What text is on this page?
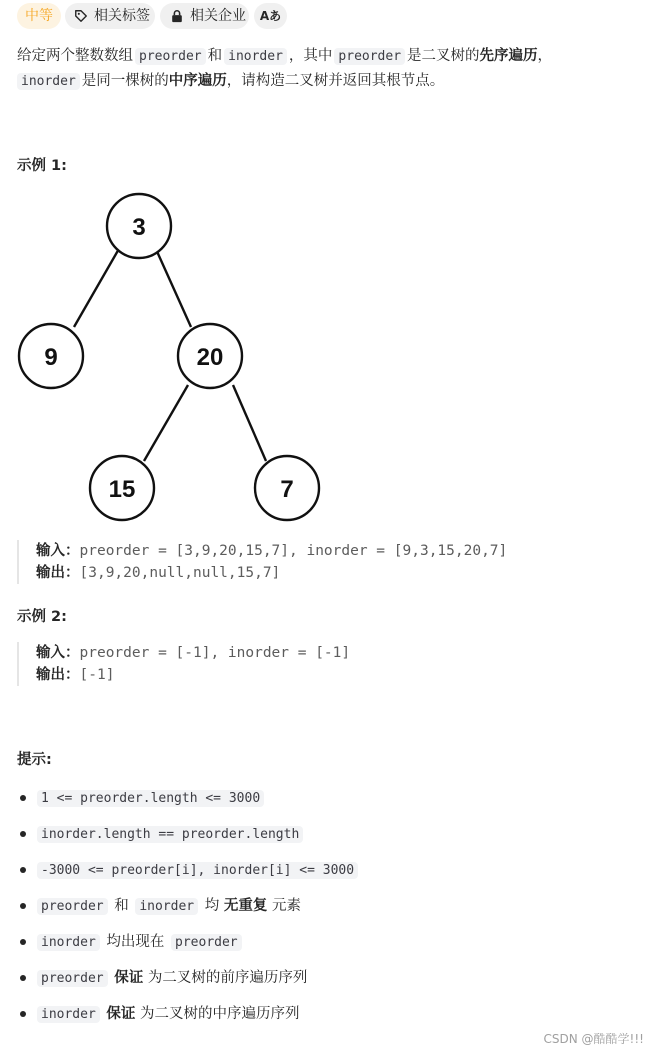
中等	相关标签	相关企业 Aあ
给定两个整数数组 preorder 和 inorder ，其中 preorder 是二叉树的先序遍历，
inorder 是同一棵树的中序遍历，请构造二叉树并返回其根节点。
示例 1:
3
9	20
15	7
输入：preorder = [3,9,20,15,7], inorder = [9,3,15,20,7]
输出：[3,9,20,null,null,15,7]
示例 2:
输入：preorder = [-1], inorder = [-1]
输出：[-1]
提示:
1 <= preorder.length <= 3000
inorder.length == preorder.length
-3000 <= preorder[i], inorder[i] <= 3000
preorder 和 inorder 均 无重复 元素
inorder 均出现在 preorder
preorder 保证 为二叉树的前序遍历序列
inorder 保证 为二叉树的中序遍历序列
CSDN @酷酷学!!!
